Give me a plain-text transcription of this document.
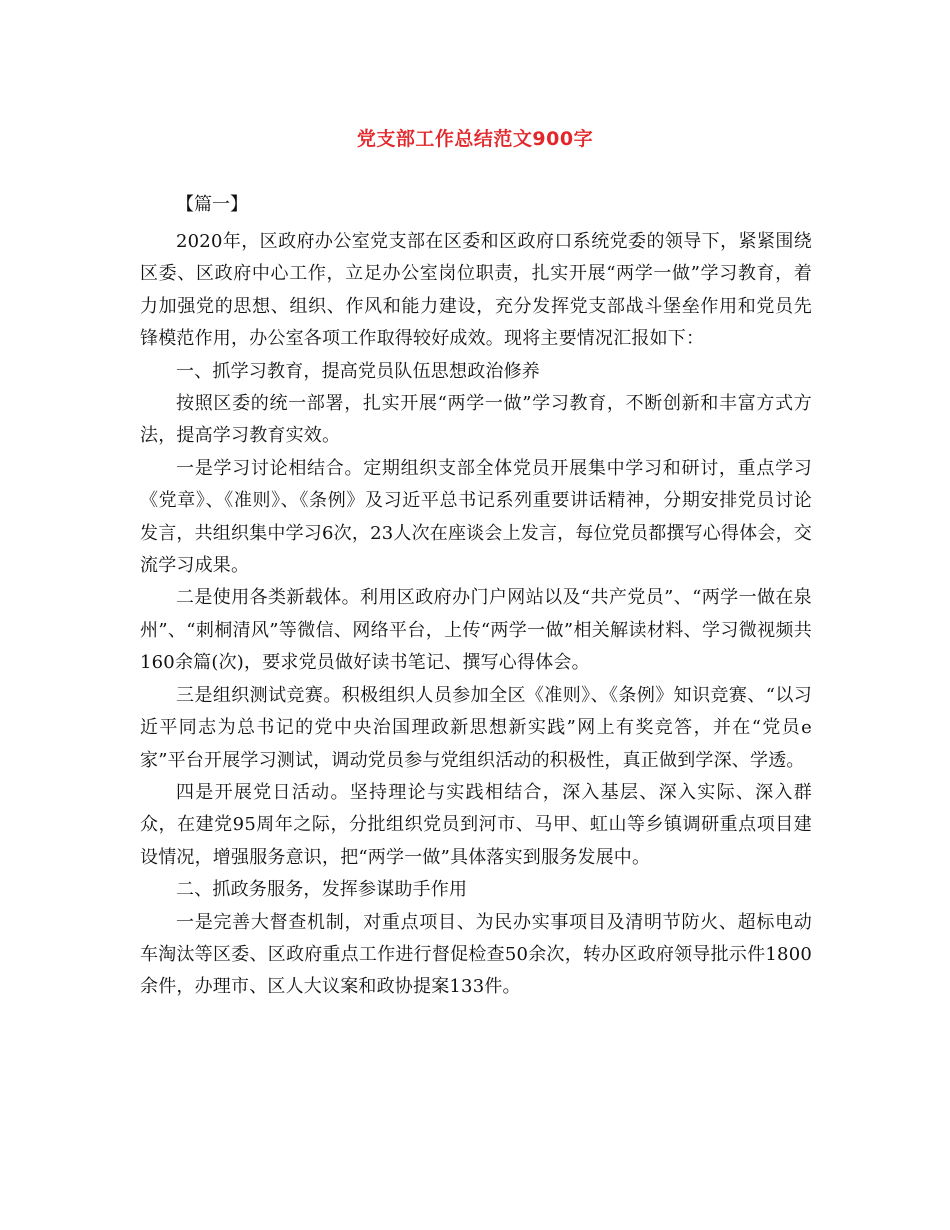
党支部工作总结范文900字

【篇一】

2020年，区政府办公室党支部在区委和区政府口系统党委的领导下，紧紧围绕区委、区政府中心工作，立足办公室岗位职责，扎实开展“两学一做”学习教育，着力加强党的思想、组织、作风和能力建设，充分发挥党支部战斗堡垒作用和党员先锋模范作用，办公室各项工作取得较好成效。现将主要情况汇报如下：

一、抓学习教育，提高党员队伍思想政治修养

按照区委的统一部署，扎实开展“两学一做”学习教育，不断创新和丰富方式方法，提高学习教育实效。

一是学习讨论相结合。定期组织支部全体党员开展集中学习和研讨，重点学习《党章》、《准则》、《条例》及习近平总书记系列重要讲话精神，分期安排党员讨论发言，共组织集中学习6次，23人次在座谈会上发言，每位党员都撰写心得体会，交流学习成果。

二是使用各类新载体。利用区政府办门户网站以及“共产党员”、“两学一做在泉州”、“刺桐清风”等微信、网络平台，上传“两学一做”相关解读材料、学习微视频共160余篇(次)，要求党员做好读书笔记、撰写心得体会。

三是组织测试竞赛。积极组织人员参加全区《准则》、《条例》知识竞赛、“以习近平同志为总书记的党中央治国理政新思想新实践”网上有奖竞答，并在“党员e家”平台开展学习测试，调动党员参与党组织活动的积极性，真正做到学深、学透。

四是开展党日活动。坚持理论与实践相结合，深入基层、深入实际、深入群众，在建党95周年之际，分批组织党员到河市、马甲、虹山等乡镇调研重点项目建设情况，增强服务意识，把“两学一做”具体落实到服务发展中。

二、抓政务服务，发挥参谋助手作用

一是完善大督查机制，对重点项目、为民办实事项目及清明节防火、超标电动车淘汰等区委、区政府重点工作进行督促检查50余次，转办区政府领导批示件1800余件，办理市、区人大议案和政协提案133件。
